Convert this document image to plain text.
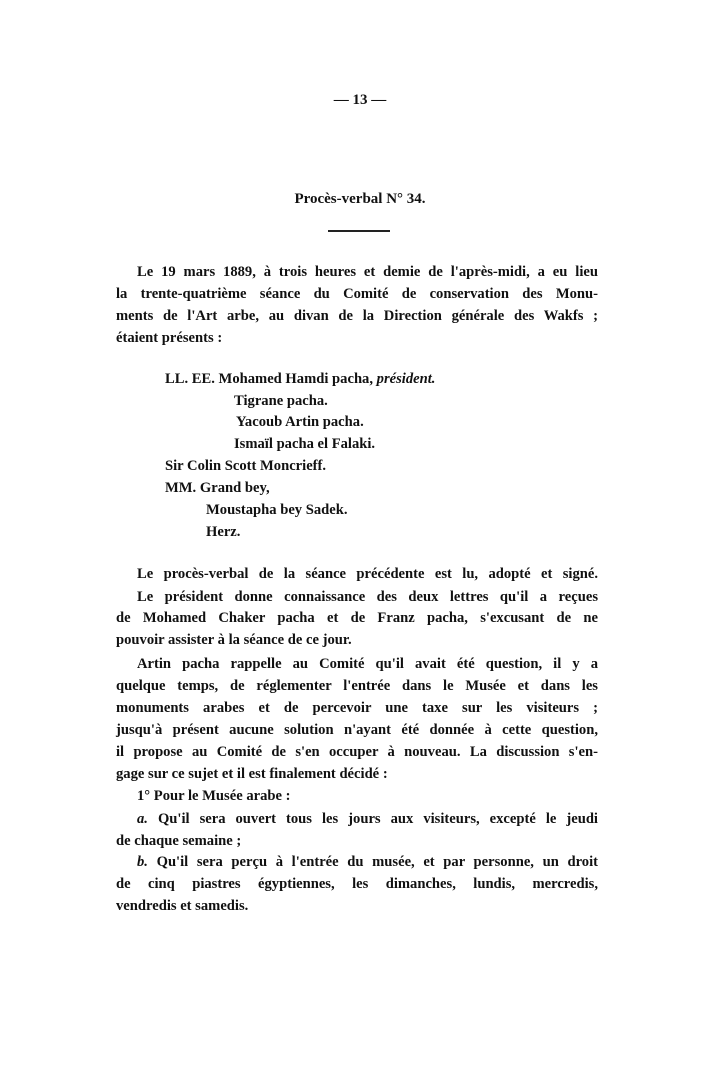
— 13 —
Procès-verbal N° 34.
Le 19 mars 1889, à trois heures et demie de l'après-midi, a eu lieu
la trente-quatrième séance du Comité de conservation des Monu-
ments de l'Art arbe, au divan de la Direction générale des Wakfs ;
étaient présents :
LL. EE. Mohamed Hamdi pacha, président.
Tigrane pacha.
Yacoub Artin pacha.
Ismaïl pacha el Falaki.
Sir Colin Scott Moncrieff.
MM. Grand bey,
Moustapha bey Sadek.
Herz.
Le procès-verbal de la séance précédente est lu, adopté et signé.
Le président donne connaissance des deux lettres qu'il a reçues
de Mohamed Chaker pacha et de Franz pacha, s'excusant de ne
pouvoir assister à la séance de ce jour.
Artin pacha rappelle au Comité qu'il avait été question, il y a
quelque temps, de réglementer l'entrée dans le Musée et dans les
monuments arabes et de percevoir une taxe sur les visiteurs ;
jusqu'à présent aucune solution n'ayant été donnée à cette question,
il propose au Comité de s'en occuper à nouveau. La discussion s'en-
gage sur ce sujet et il est finalement décidé :
1° Pour le Musée arabe :
a. Qu'il sera ouvert tous les jours aux visiteurs, excepté le jeudi
de chaque semaine ;
b. Qu'il sera perçu à l'entrée du musée, et par personne, un droit
de cinq piastres égyptiennes, les dimanches, lundis, mercredis,
vendredis et samedis.
